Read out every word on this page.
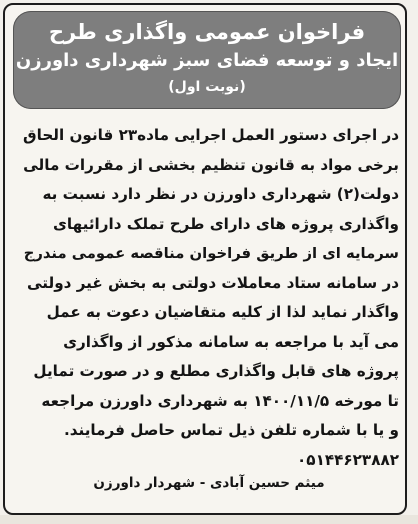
فراخوان عمومی واگذاری طرح
ایجاد و توسعه فضای سبز شهرداری داورزن
(نوبت اول)
در اجرای دستور العمل اجرایی ماده۲۳ قانون الحاق
برخی مواد به قانون تنظیم بخشی از مقررات مالی
دولت(۲) شهرداری داورزن در نظر دارد نسبت به
واگذاری پروژه های دارای طرح تملک دارائیهای
سرمایه ای از طریق فراخوان مناقصه عمومی مندرج
در سامانه ستاد معاملات دولتی به بخش غیر دولتی
واگذار نماید لذا از کلیه متقاضیان دعوت به عمل
می آید با مراجعه به سامانه مذکور از واگذاری
پروژه های قابل واگذاری مطلع و در صورت تمایل
تا مورخه ۱۴۰۰/۱۱/۵ به شهرداری داورزن مراجعه
و یا با شماره تلفن ذیل تماس حاصل فرمایند.
۰۵۱۴۴۶۲۳۸۸۲
میثم حسین آبادی - شهردار داورزن
